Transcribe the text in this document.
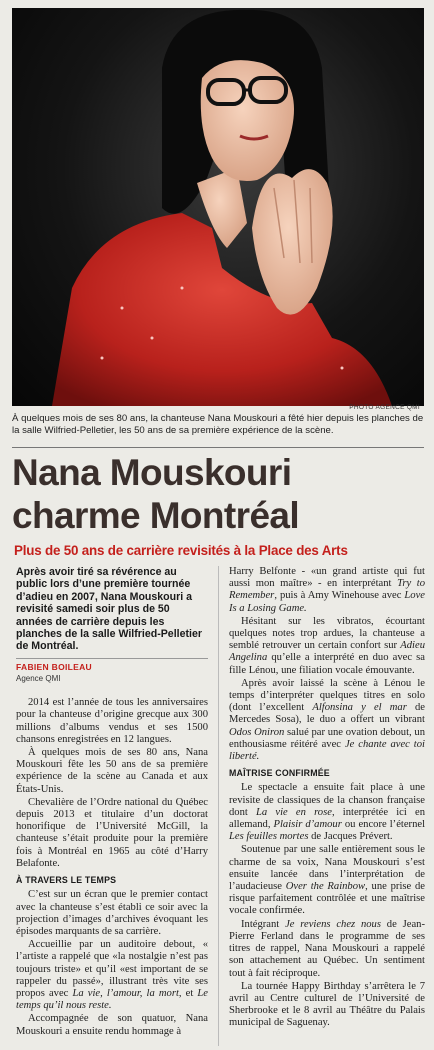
PHOTO AGENCE QMI
À quelques mois de ses 80 ans, la chanteuse Nana Mouskouri a fêté hier depuis les planches de la salle Wilfried-Pelletier, les 50 ans de sa première expérience de la scène.
Nana Mouskouri
charme Montréal
Plus de 50 ans de carrière revisités à la Place des Arts
Après avoir tiré sa révérence au public lors d’une première tournée d’adieu en 2007, Nana Mouskouri a revisité samedi soir plus de 50 années de carrière depuis les planches de la salle Wilfried-Pelletier de Montréal.
FABIEN BOILEAU
Agence QMI

2014 est l’année de tous les anniversaires pour la chanteuse d’origine grecque aux 300 millions d’albums vendus et ses 1500 chansons enregistrées en 12 langues.

À quelques mois de ses 80 ans, Nana Mouskouri fête les 50 ans de sa première expérience de la scène au Canada et aux États-Unis.

Chevalière de l’Ordre national du Québec depuis 2013 et titulaire d’un doctorat honorifique de l’Université McGill, la chanteuse s’était produite pour la première fois à Montréal en 1965 au côté d’Harry Belafonte.

À TRAVERS LE TEMPS

C’est sur un écran que le premier contact avec la chanteuse s’est établi ce soir avec la projection d’images d’archives évoquant les épisodes marquants de sa carrière.

Accueillie par un auditoire debout, « l’artiste a rappelé que «la nostalgie n’est pas toujours triste» et qu’il «est important de se rappeler du passé», illustrant très vite ses propos avec La vie, l’amour, la mort, et Le temps qu’il nous reste.

Accompagnée de son quatuor, Nana Mouskouri a ensuite rendu hommage à

Harry Belfonte - «un grand artiste qui fut aussi mon maître» - en interprétant Try to Remember, puis à Amy Winehouse avec Love Is a Losing Game.

Hésitant sur les vibratos, écourtant quelques notes trop ardues, la chanteuse a semblé retrouver un certain confort sur Adieu Angelina qu’elle a interprété en duo avec sa fille Lénou, une filiation vocale émouvante.

Après avoir laissé la scène à Lénou le temps d’interpréter quelques titres en solo (dont l’excellent Alfonsina y el mar de Mercedes Sosa), le duo a offert un vibrant Odos Oniron salué par une ovation debout, un enthousiasme réitéré avec Je chante avec toi liberté.

MAÎTRISE CONFIRMÉE

Le spectacle a ensuite fait place à une revisite de classiques de la chanson française dont La vie en rose, interprétée ici en allemand, Plaisir d’amour ou encore l’éternel Les feuilles mortes de Jacques Prévert.

Soutenue par une salle entièrement sous le charme de sa voix, Nana Mouskouri s’est ensuite lancée dans l’interprétation de l’audacieuse Over the Rainbow, une prise de risque parfaitement contrôlée et une maîtrise vocale confirmée.

Intégrant Je reviens chez nous de Jean-Pierre Ferland dans le programme de ses titres de rappel, Nana Mouskouri a rappelé son attachement au Québec. Un sentiment tout à fait réciproque.

La tournée Happy Birthday s’arrêtera le 7 avril au Centre culturel de l’Université de Sherbrooke et le 8 avril au Théâtre du Palais municipal de Saguenay.
